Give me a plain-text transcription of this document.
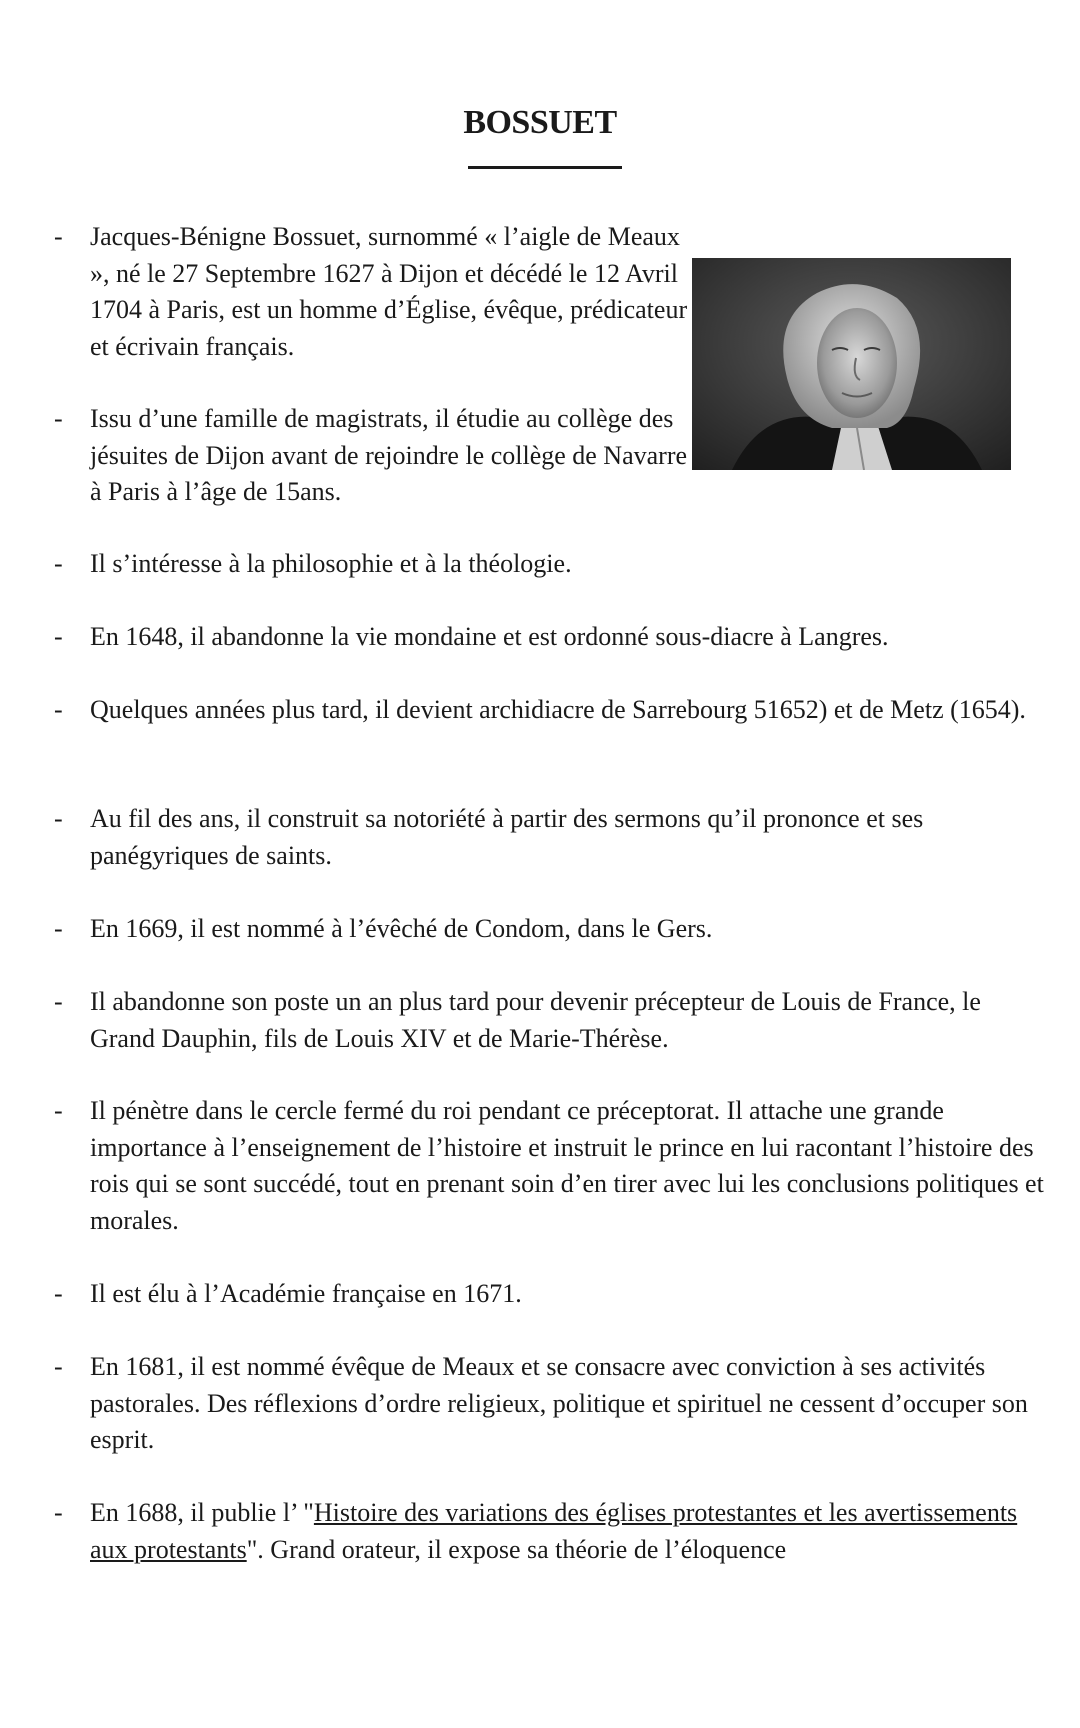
BOSSUET
- Jacques-Bénigne Bossuet, surnommé « l’aigle de Meaux », né le 27 Septembre 1627 à Dijon et décédé le 12 Avril 1704 à Paris, est un homme d’Église, évêque, prédicateur et écrivain français.
- Issu d’une famille de magistrats, il étudie au collège des jésuites de Dijon avant de rejoindre le collège de Navarre à Paris à l’âge de 15ans.
- Il s’intéresse à la philosophie et à la théologie.
- En 1648, il abandonne la vie mondaine et est ordonné sous-diacre à Langres.
- Quelques années plus tard, il devient archidiacre de Sarrebourg 51652) et de Metz (1654).
- Au fil des ans, il construit sa notoriété à partir des sermons qu’il prononce et ses panégyriques de saints.
- En 1669, il est nommé à l’évêché de Condom, dans le Gers.
- Il abandonne son poste un an plus tard pour devenir précepteur de Louis de France, le Grand Dauphin, fils de Louis XIV et de Marie-Thérèse.
- Il pénètre dans le cercle fermé du roi pendant ce préceptorat. Il attache une grande importance à l’enseignement de l’histoire et instruit le prince en lui racontant l’histoire des rois qui se sont succédé, tout en prenant soin d’en tirer avec lui les conclusions politiques et morales.
- Il est élu à l’Académie française en 1671.
- En 1681, il est nommé évêque de Meaux et se consacre avec conviction à ses activités pastorales. Des réflexions d’ordre religieux, politique et spirituel ne cessent d’occuper son esprit.
- En 1688, il publie l’ "Histoire des variations des églises protestantes et les avertissements aux protestants". Grand orateur, il expose sa théorie de l’éloquence
